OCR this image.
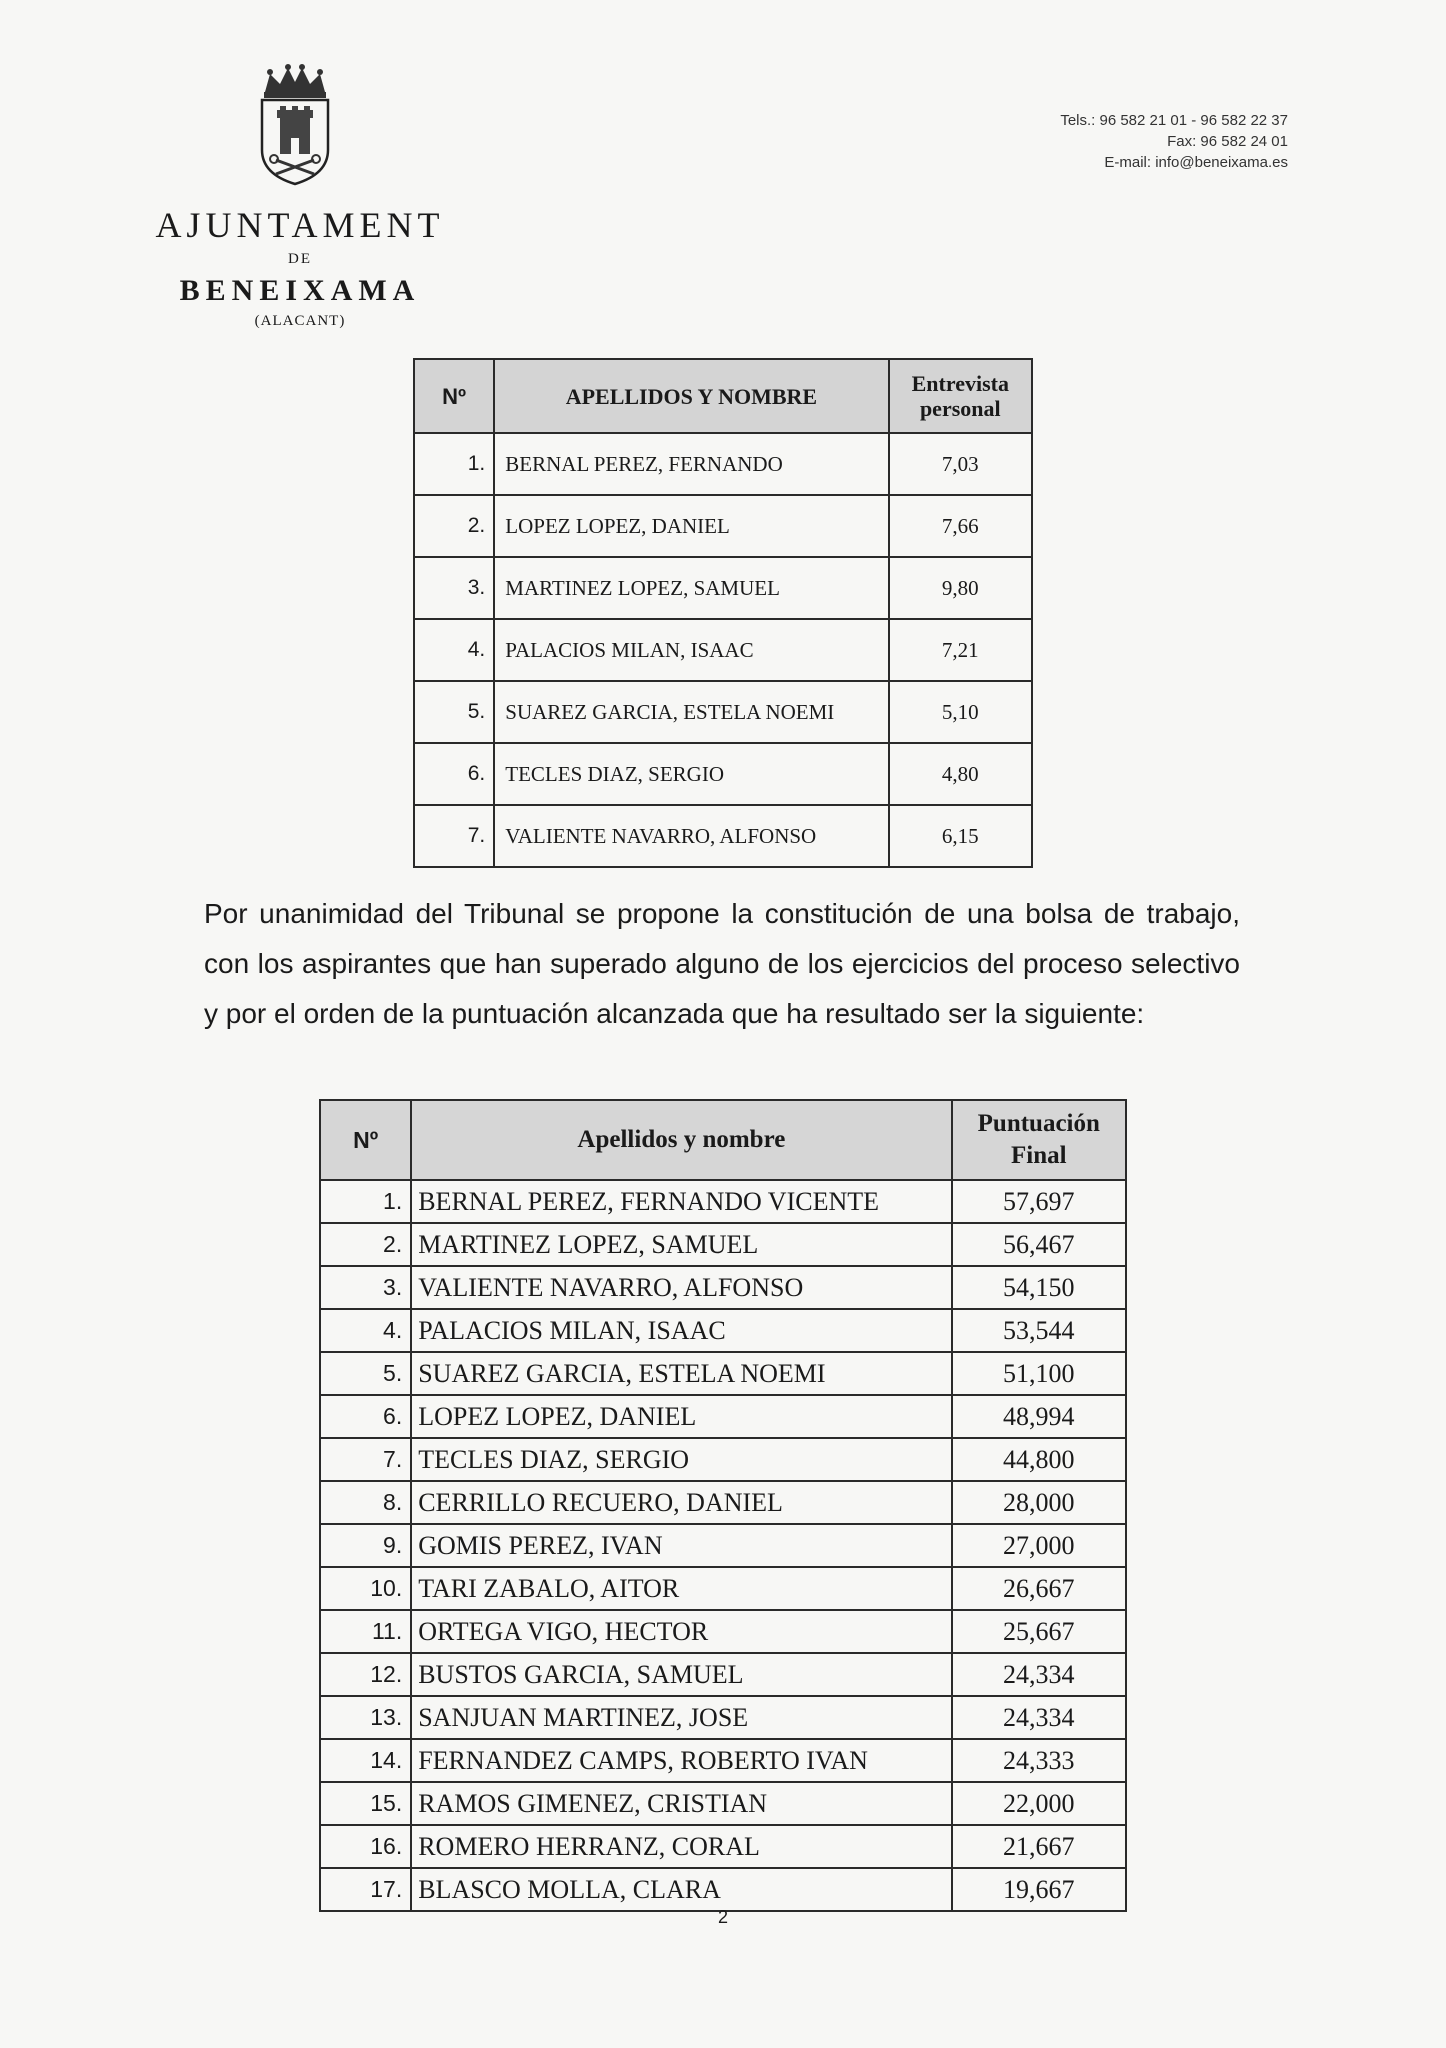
AJUNTAMENT
DE
BENEIXAMA
(ALACANT)
Tels.: 96 582 21 01 - 96 582 22 37
Fax: 96 582 24 01
E-mail: info@beneixama.es
Nº	APELLIDOS Y NOMBRE	Entrevista personal
1.	BERNAL PEREZ, FERNANDO	7,03
2.	LOPEZ LOPEZ, DANIEL	7,66
3.	MARTINEZ LOPEZ, SAMUEL	9,80
4.	PALACIOS MILAN, ISAAC	7,21
5.	SUAREZ GARCIA, ESTELA NOEMI	5,10
6.	TECLES DIAZ, SERGIO	4,80
7.	VALIENTE NAVARRO, ALFONSO	6,15
Por unanimidad del Tribunal se propone la constitución de una bolsa de trabajo, con los aspirantes que han superado alguno de los ejercicios del proceso selectivo y por el orden de la puntuación alcanzada que ha resultado ser la siguiente:
Nº	Apellidos y nombre	Puntuación Final
1.	BERNAL PEREZ, FERNANDO VICENTE	57,697
2.	MARTINEZ LOPEZ, SAMUEL	56,467
3.	VALIENTE NAVARRO, ALFONSO	54,150
4.	PALACIOS MILAN, ISAAC	53,544
5.	SUAREZ GARCIA, ESTELA NOEMI	51,100
6.	LOPEZ LOPEZ, DANIEL	48,994
7.	TECLES DIAZ, SERGIO	44,800
8.	CERRILLO RECUERO, DANIEL	28,000
9.	GOMIS PEREZ, IVAN	27,000
10.	TARI ZABALO, AITOR	26,667
11.	ORTEGA VIGO, HECTOR	25,667
12.	BUSTOS GARCIA, SAMUEL	24,334
13.	SANJUAN MARTINEZ, JOSE	24,334
14.	FERNANDEZ CAMPS, ROBERTO IVAN	24,333
15.	RAMOS GIMENEZ, CRISTIAN	22,000
16.	ROMERO HERRANZ, CORAL	21,667
17.	BLASCO MOLLA, CLARA	19,667
2
